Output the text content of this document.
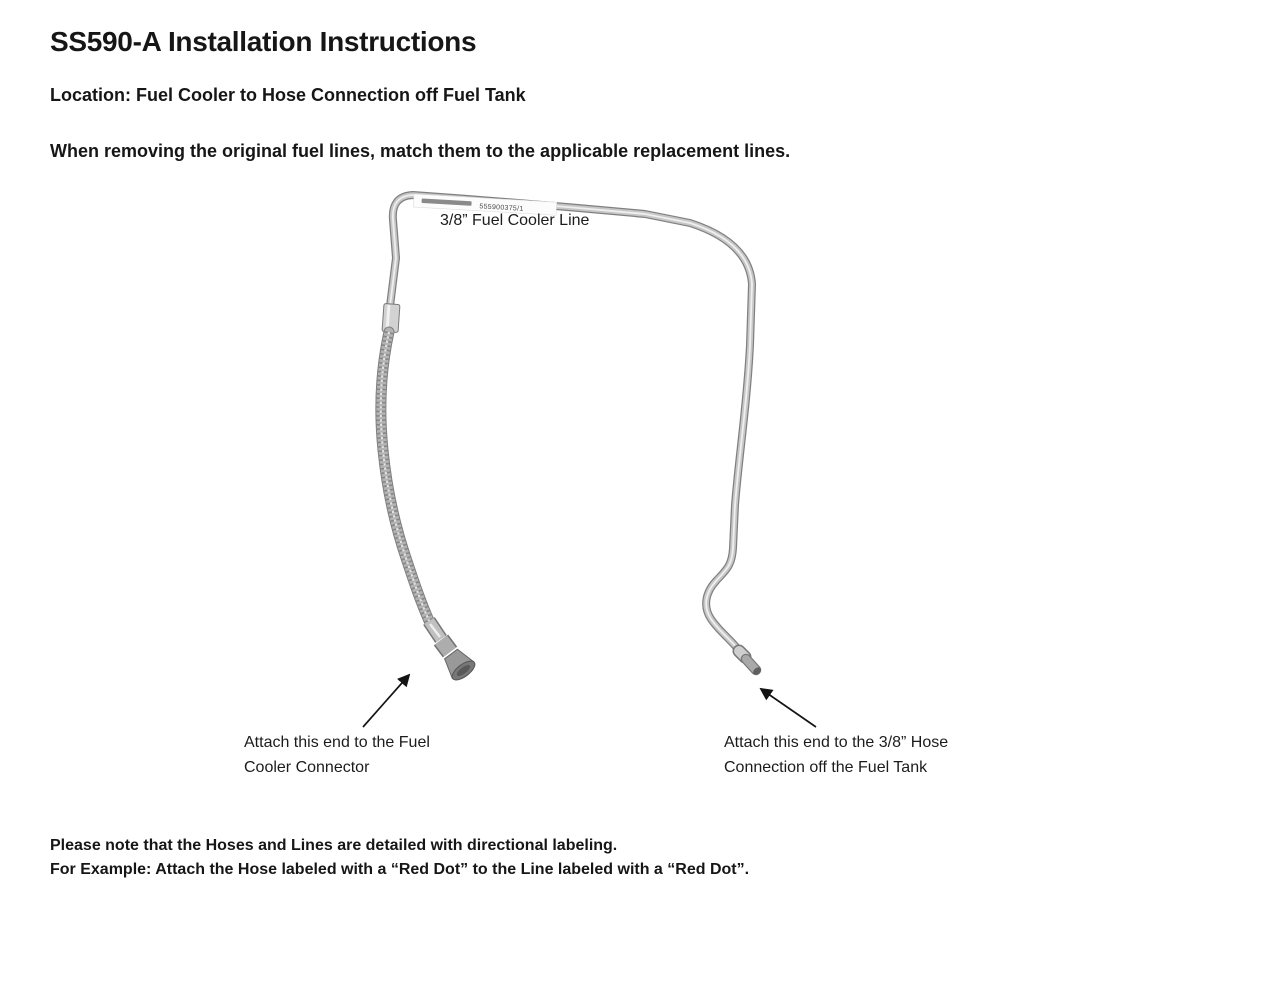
SS590-A Installation Instructions

Location: Fuel Cooler to Hose Connection off Fuel Tank

When removing the original fuel lines, match them to the applicable replacement lines.

555900375/1
3/8” Fuel Cooler Line
Attach this end to the Fuel
Cooler Connector
Attach this end to the 3/8” Hose
Connection off the Fuel Tank
Please note that the Hoses and Lines are detailed with directional labeling.
For Example: Attach the Hose labeled with a “Red Dot” to the Line labeled with a “Red Dot”.
